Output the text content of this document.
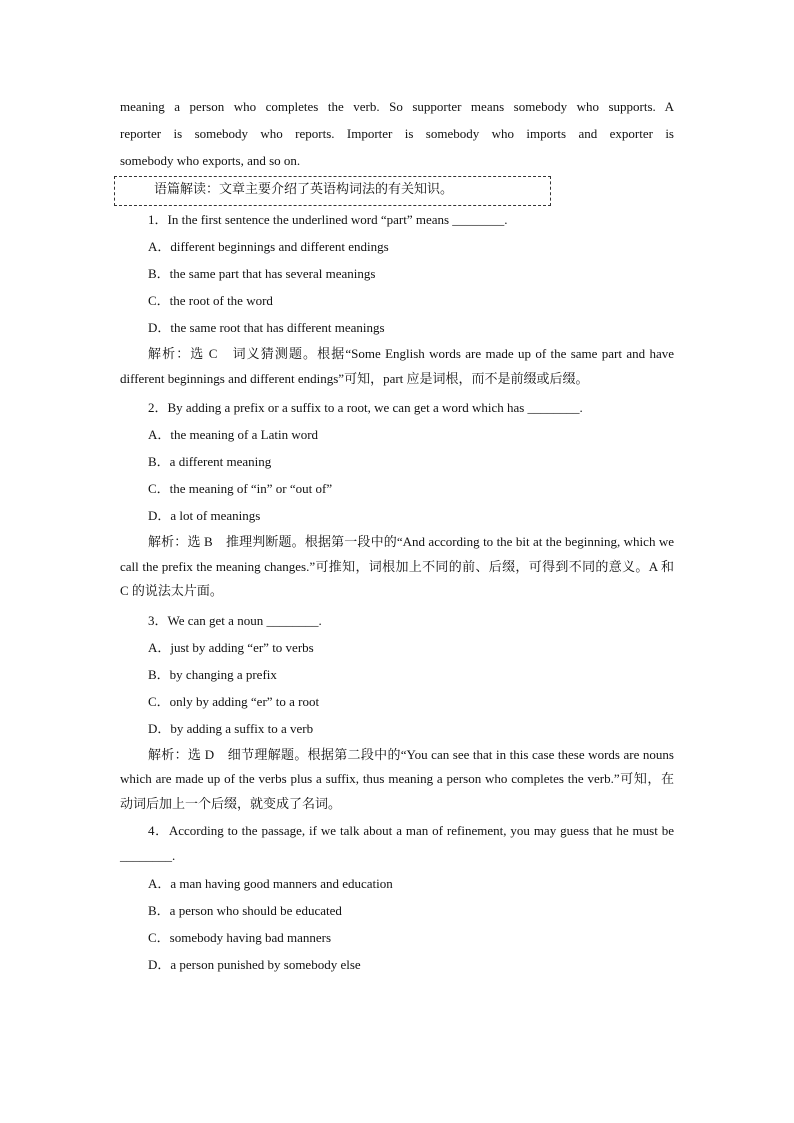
meaning a person who completes the verb. So supporter means somebody who supports. A
reporter is somebody who reports. Importer is somebody who imports and exporter is
somebody who exports, and so on.
语篇解读：文章主要介绍了英语构词法的有关知识。
1．In the first sentence the underlined word “part” means ________.
A．different beginnings and different endings
B．the same part that has several meanings
C．the root of the word
D．the same root that has different meanings
解析：选 C　词义猜测题。根据“Some English words are made up of the same part and have different beginnings and different endings”可知，part 应是词根，而不是前缀或后缀。
2．By adding a prefix or a suffix to a root, we can get a word which has ________.
A．the meaning of a Latin word
B．a different meaning
C．the meaning of “in” or “out of”
D．a lot of meanings
解析：选 B　推理判断题。根据第一段中的“And according to the bit at the beginning, which we call the prefix the meaning changes.”可推知，词根加上不同的前、后缀，可得到不同的意义。A 和 C 的说法太片面。
3．We can get a noun ________.
A．just by adding “er” to verbs
B．by changing a prefix
C．only by adding “er” to a root
D．by adding a suffix to a verb
解析：选 D　细节理解题。根据第二段中的“You can see that in this case these words are nouns which are made up of the verbs plus a suffix, thus meaning a person who completes the verb.”可知，在动词后加上一个后缀，就变成了名词。
4．According to the passage, if we talk about a man of refinement, you may guess that he must be ________.
A．a man having good manners and education
B．a person who should be educated
C．somebody having bad manners
D．a person punished by somebody else
